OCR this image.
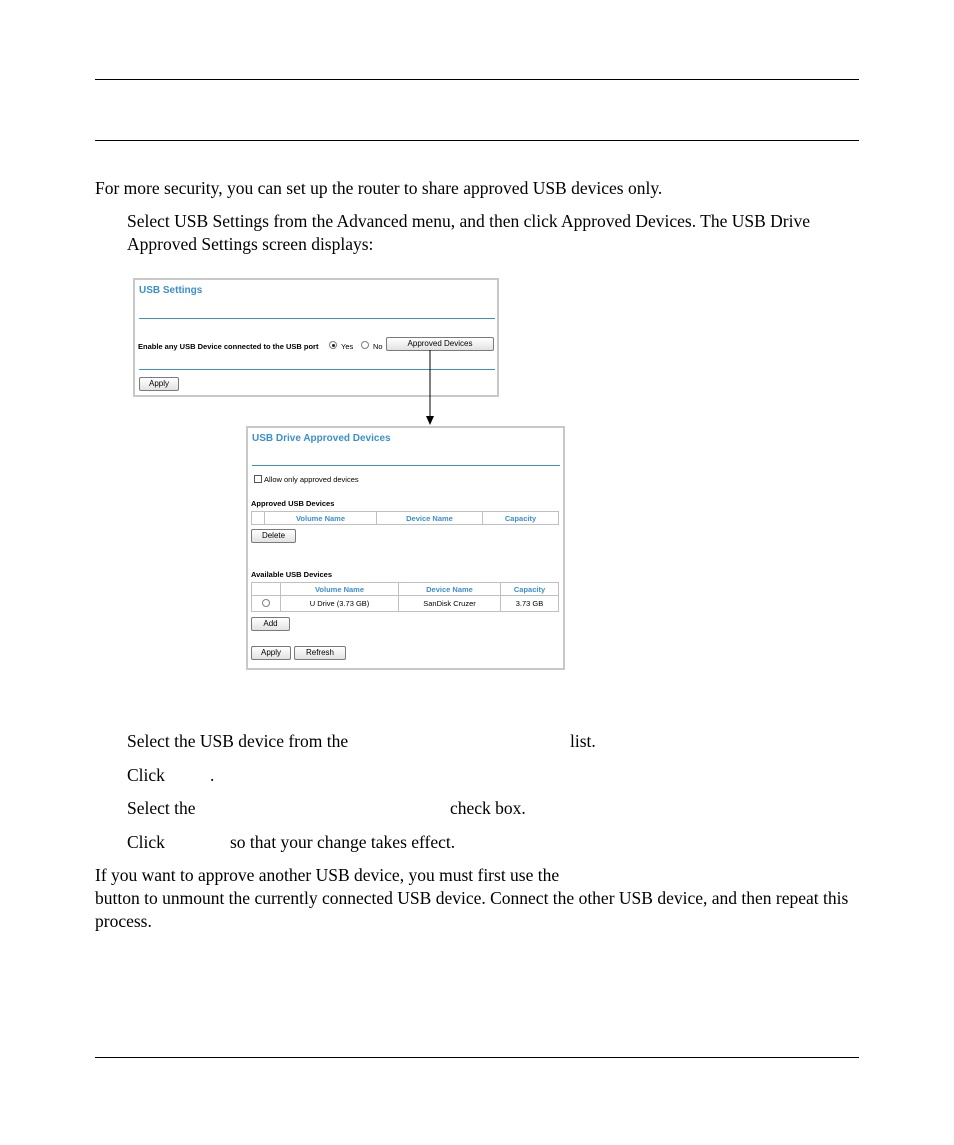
For more security, you can set up the router to share approved USB devices only.
Select USB Settings from the Advanced menu, and then click Approved Devices. The USB Drive Approved Settings screen displays:
USB Settings
Enable any USB Device connected to the USB port	Yes	No	Approved Devices
Apply
USB Drive Approved Devices
Allow only approved devices
Approved USB Devices
	Volume Name	Device Name	Capacity
Delete
Available USB Devices
	Volume Name	Device Name	Capacity

	U Drive (3.73 GB)	SanDisk Cruzer	3.73 GB
Add
Apply	Refresh
Select the USB device from the	list.
Click	.
Select the	check box.
Click	so that your change takes effect.
If you want to approve another USB device, you must first use the
button to unmount the currently connected USB device. Connect the other USB device, and then repeat this process.
